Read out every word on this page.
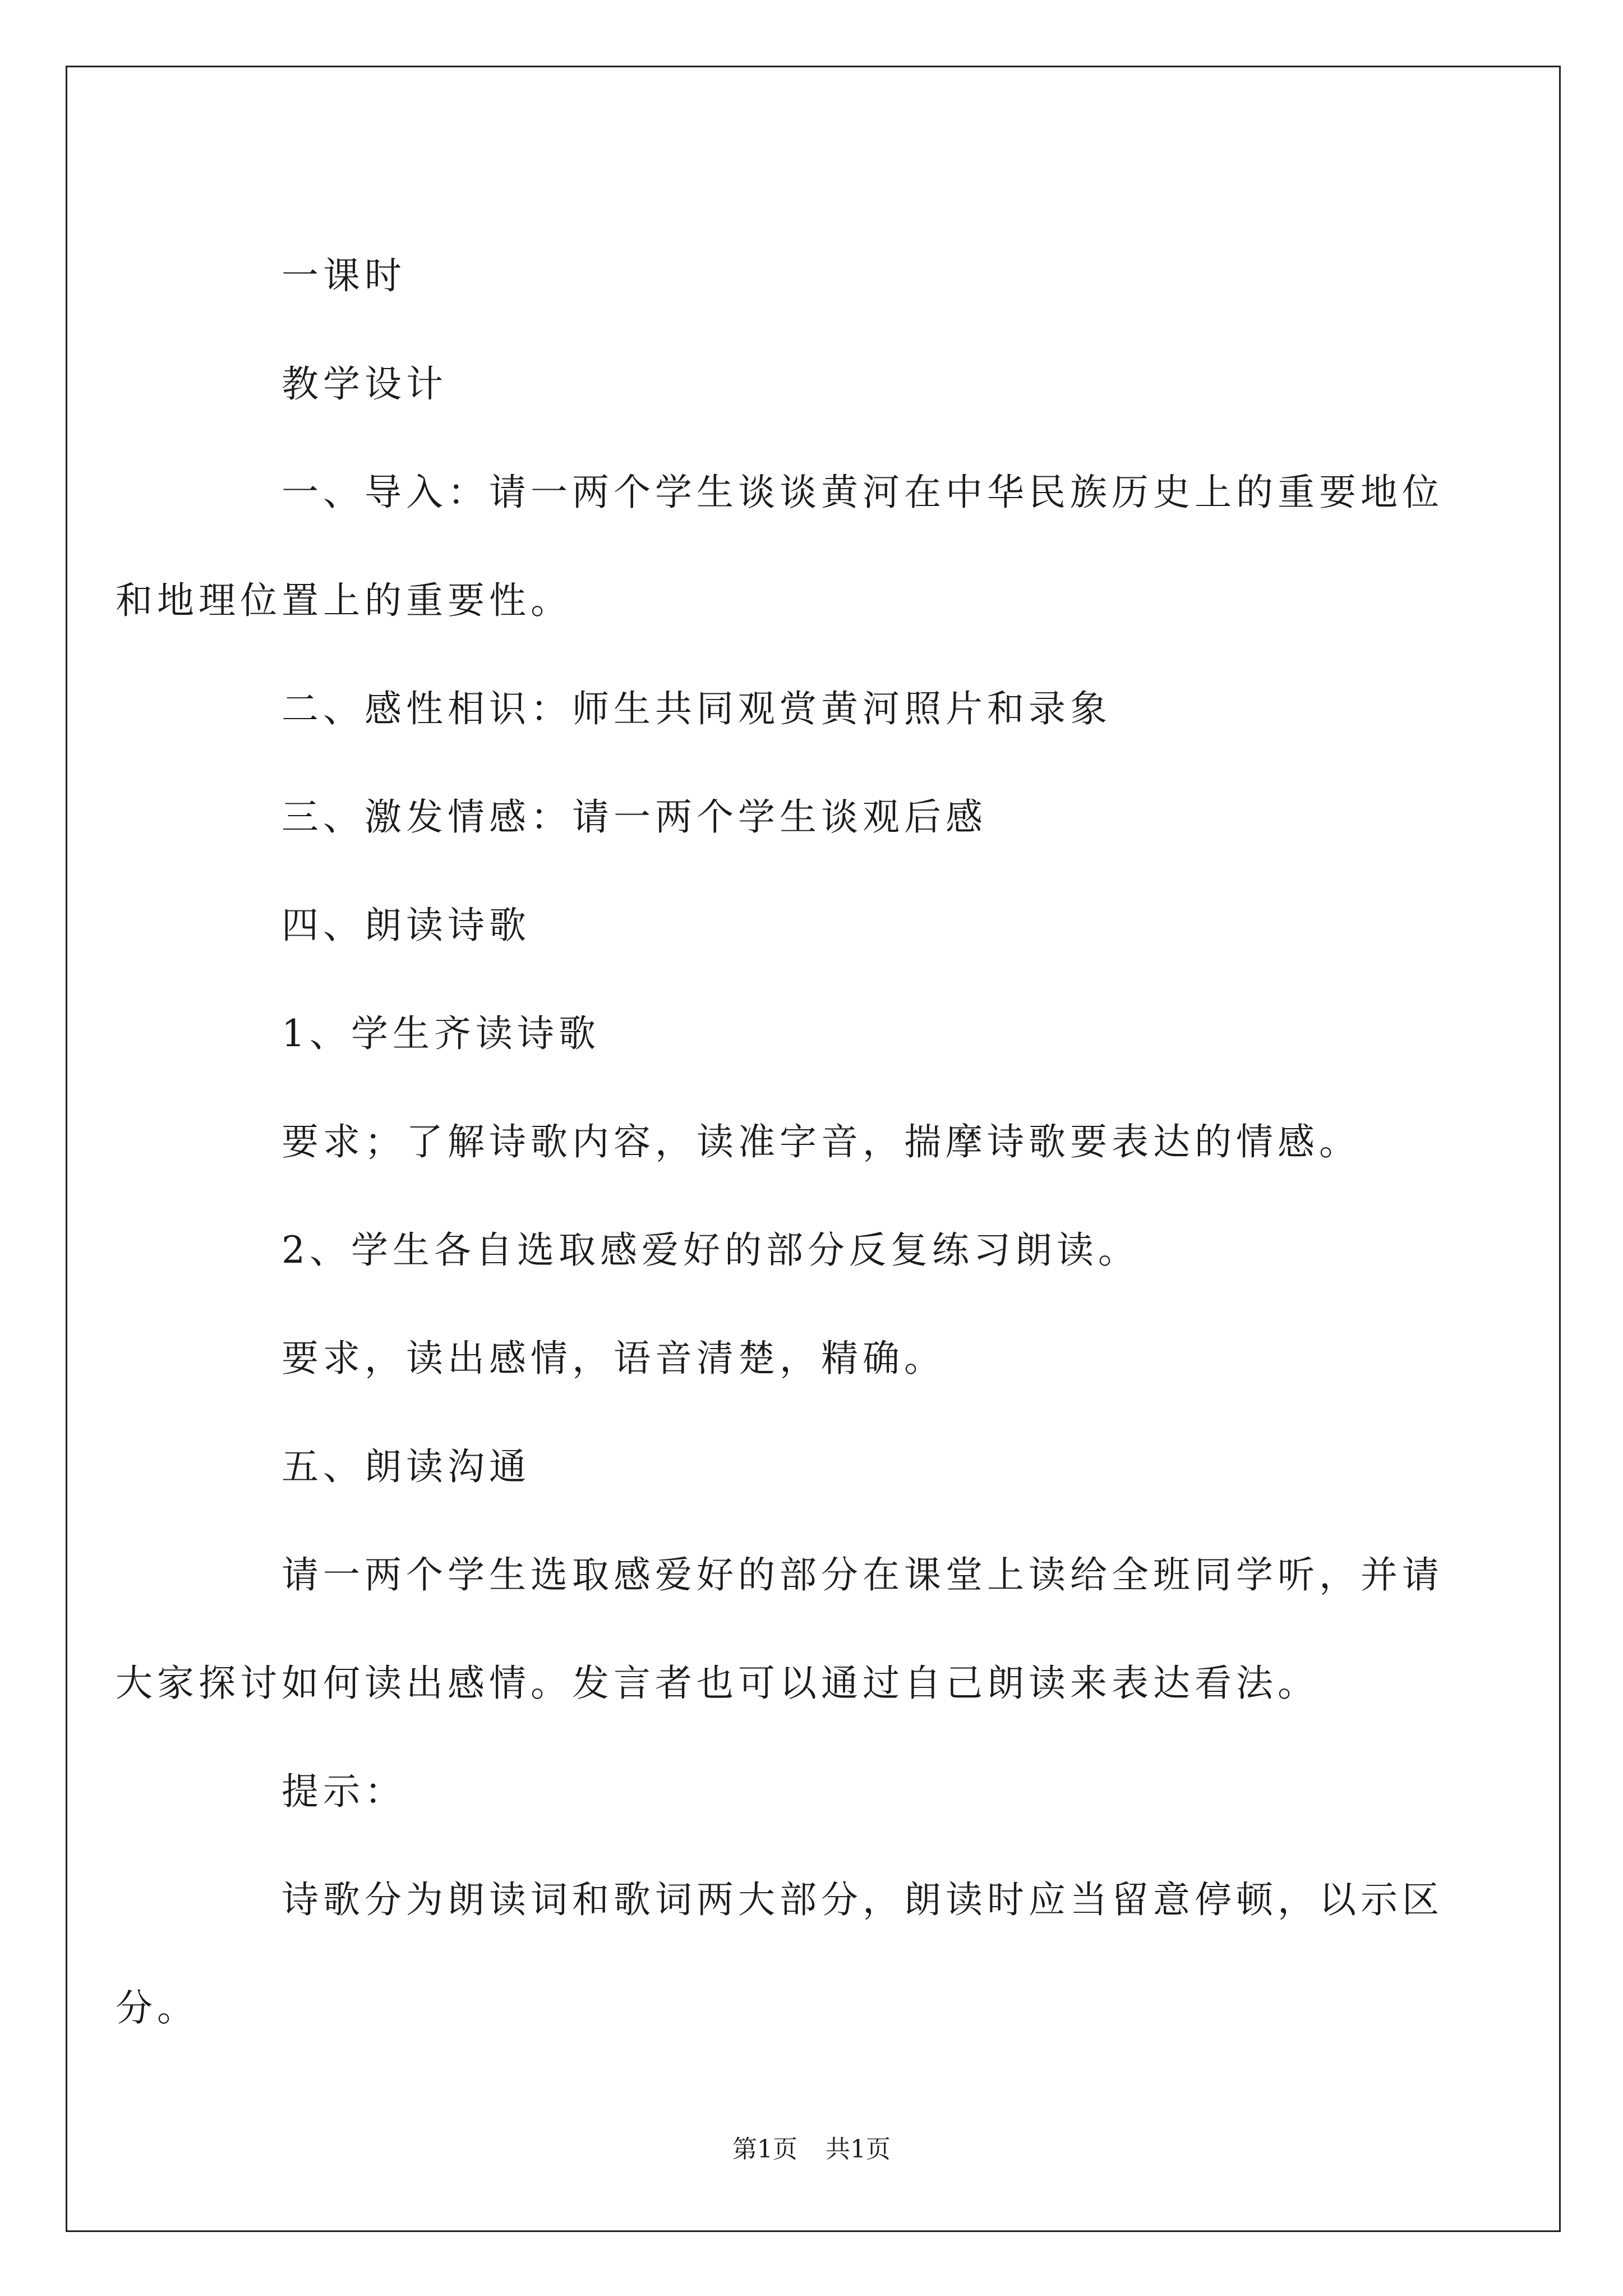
一课时

教学设计

一、导入：请一两个学生谈谈黄河在中华民族历史上的重要地位
和地理位置上的重要性。

二、感性相识：师生共同观赏黄河照片和录象

三、激发情感：请一两个学生谈观后感

四、朗读诗歌

1、学生齐读诗歌

要求；了解诗歌内容，读准字音，揣摩诗歌要表达的情感。

2、学生各自选取感爱好的部分反复练习朗读。

要求，读出感情，语音清楚，精确。

五、朗读沟通

请一两个学生选取感爱好的部分在课堂上读给全班同学听，并请
大家探讨如何读出感情。发言者也可以通过自己朗读来表达看法。

提示：

诗歌分为朗读词和歌词两大部分，朗读时应当留意停顿，以示区
分。
第1页 共1页
